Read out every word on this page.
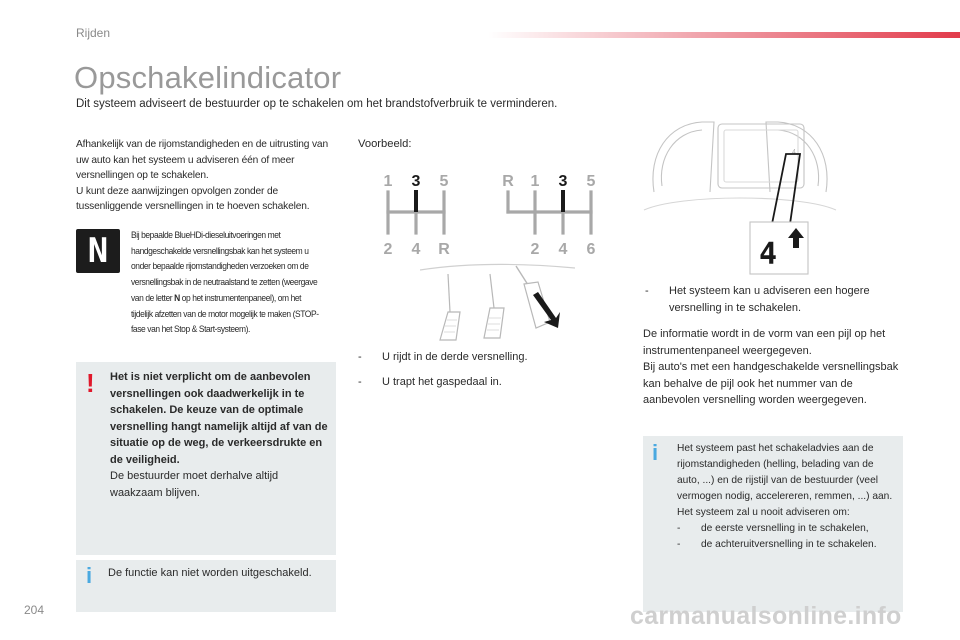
Rijden
Opschakelindicator
Dit systeem adviseert de bestuurder op te schakelen om het brandstofverbruik te verminderen.

Afhankelijk van de rijomstandigheden en de uitrusting van uw auto kan het systeem u adviseren één of meer versnellingen op te schakelen.

U kunt deze aanwijzingen opvolgen zonder de tussenliggende versnellingen in te hoeven schakelen.

N	Bij bepaalde BlueHDi-dieseluitvoeringen met handgeschakelde versnellingsbak kan het systeem u onder bepaalde rijomstandigheden verzoeken om de versnellingsbak in de neutraalstand te zetten (weergave van de letter N op het instrumentenpaneel), om het tijdelijk afzetten van de motor mogelijk te maken (STOP-fase van het Stop & Start-systeem).
! Het is niet verplicht om de aanbevolen versnellingen ook daadwerkelijk in te schakelen. De keuze van de optimale versnelling hangt namelijk altijd af van de situatie op de weg, de verkeersdrukte en de veiligheid.
De bestuurder moet derhalve altijd waakzaam blijven.
i De functie kan niet worden uitgeschakeld.
Voorbeeld:
1 3 5
2 4 R
R 1 3 5
2 4 6
- U rijdt in de derde versnelling.
- U trapt het gaspedaal in.
4
4
- Het systeem kan u adviseren een hogere versnelling in te schakelen.
De informatie wordt in de vorm van een pijl op het instrumentenpaneel weergegeven.
Bij auto's met een handgeschakelde versnellingsbak kan behalve de pijl ook het nummer van de aanbevolen versnelling worden weergegeven.
i Het systeem past het schakeladvies aan de rijomstandigheden (helling, belading van de auto, ...) en de rijstijl van de bestuurder (veel vermogen nodig, accelereren, remmen, ...) aan.
Het systeem zal u nooit adviseren om:
- de eerste versnelling in te schakelen,
- de achteruitversnelling in te schakelen.
204	carmanualsonline.info
